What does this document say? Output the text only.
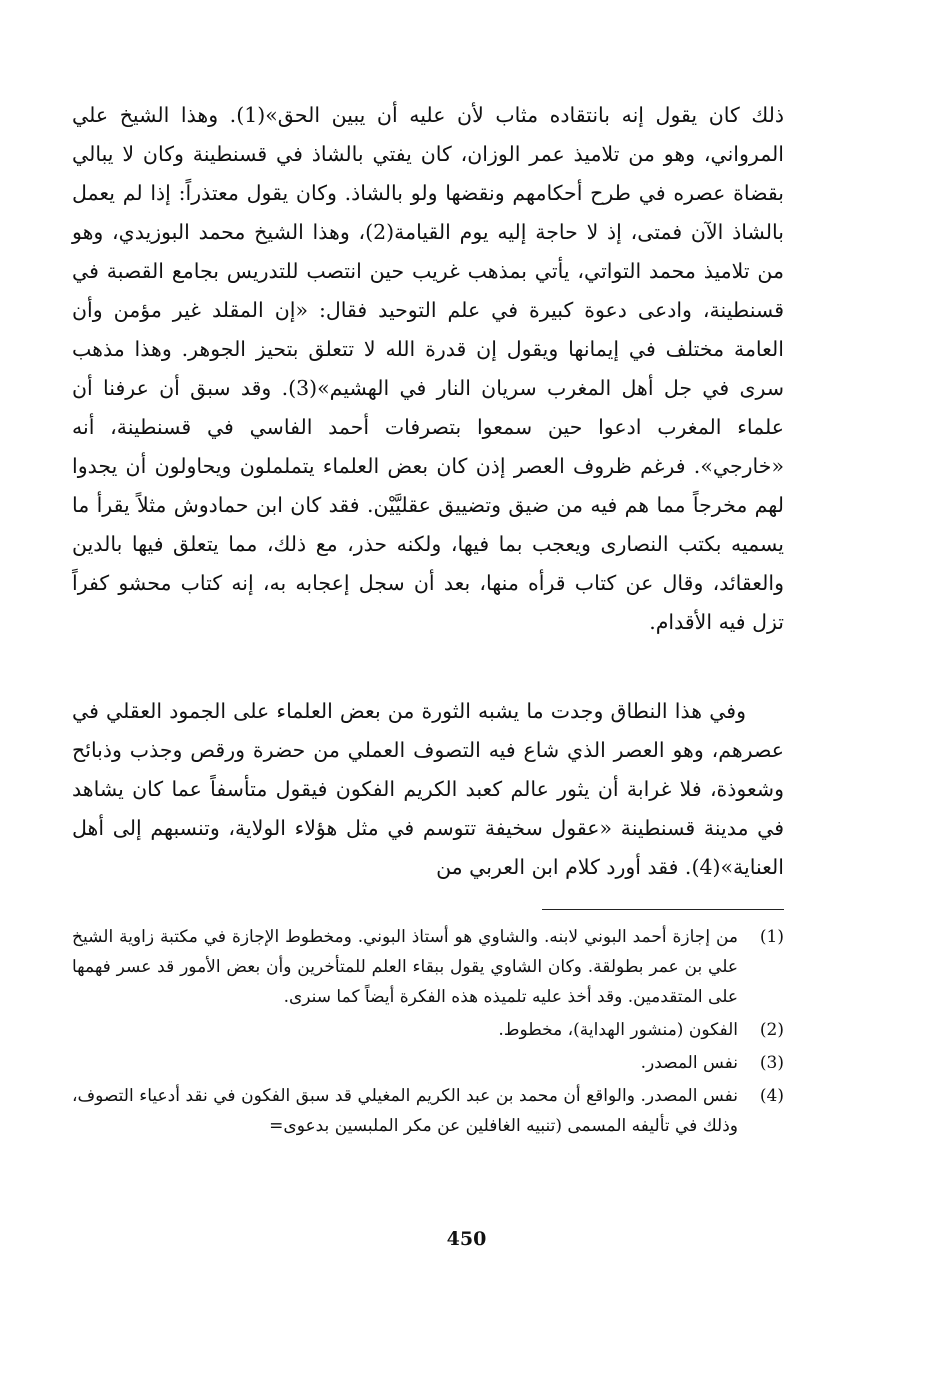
ذلك كان يقول إنه بانتقاده مثاب لأن عليه أن يبين الحق»(1). وهذا الشيخ علي المرواني، وهو من تلاميذ عمر الوزان، كان يفتي بالشاذ في قسنطينة وكان لا يبالي بقضاة عصره في طرح أحكامهم ونقضها ولو بالشاذ. وكان يقول معتذراً: إذا لم يعمل بالشاذ الآن فمتى، إذ لا حاجة إليه يوم القيامة(2)، وهذا الشيخ محمد البوزيدي، وهو من تلاميذ محمد التواتي، يأتي بمذهب غريب حين انتصب للتدريس بجامع القصبة في قسنطينة، وادعى دعوة كبيرة في علم التوحيد فقال: «إن المقلد غير مؤمن وأن العامة مختلف في إيمانها ويقول إن قدرة الله لا تتعلق بتحيز الجوهر. وهذا مذهب سرى في جل أهل المغرب سريان النار في الهشيم»(3). وقد سبق أن عرفنا أن علماء المغرب ادعوا حين سمعوا بتصرفات أحمد الفاسي في قسنطينة، أنه «خارجي». فرغم ظروف العصر إذن كان بعض العلماء يتململون ويحاولون أن يجدوا لهم مخرجاً مما هم فيه من ضيق وتضييق عقليَّيْن. فقد كان ابن حمادوش مثلاً يقرأ ما يسميه بكتب النصارى ويعجب بما فيها، ولكنه حذر، مع ذلك، مما يتعلق فيها بالدين والعقائد، وقال عن كتاب قرأه منها، بعد أن سجل إعجابه به، إنه كتاب محشو كفراً تزل فيه الأقدام.

وفي هذا النطاق وجدت ما يشبه الثورة من بعض العلماء على الجمود العقلي في عصرهم، وهو العصر الذي شاع فيه التصوف العملي من حضرة ورقص وجذب وذبائح وشعوذة، فلا غرابة أن يثور عالم كعبد الكريم الفكون فيقول متأسفاً عما كان يشاهد في مدينة قسنطينة «عقول سخيفة تتوسم في مثل هؤلاء الولاية، وتنسبهم إلى أهل العناية»(4). فقد أورد كلام ابن العربي من

(1)
من إجازة أحمد البوني لابنه. والشاوي هو أستاذ البوني. ومخطوط الإجازة في مكتبة زاوية الشيخ علي بن عمر بطولقة. وكان الشاوي يقول ببقاء العلم للمتأخرين وأن بعض الأمور قد عسر فهمها على المتقدمين. وقد أخذ عليه تلميذه هذه الفكرة أيضاً كما سنرى.
(2)
الفكون (منشور الهداية)، مخطوط.
(3)
نفس المصدر.
(4)
نفس المصدر. والواقع أن محمد بن عبد الكريم المغيلي قد سبق الفكون في نقد أدعياء التصوف، وذلك في تأليفه المسمى (تنبيه الغافلين عن مكر الملبسين بدعوى=
450
